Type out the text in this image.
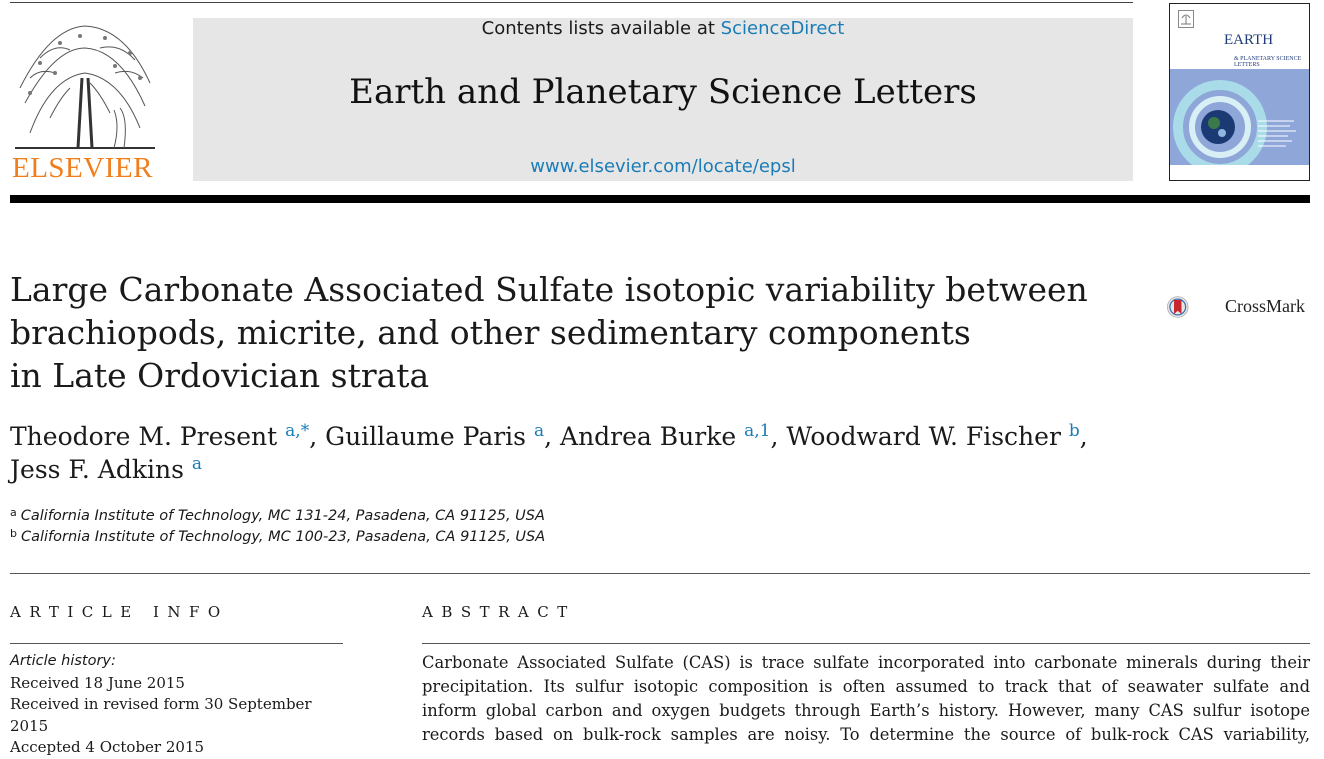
ELSEVIER
Contents lists available at ScienceDirect
Earth and Planetary Science Letters
www.elsevier.com/locate/epsl
EARTH
& PLANETARY SCIENCE LETTERS
Large Carbonate Associated Sulfate isotopic variability between
brachiopods, micrite, and other sedimentary components
in Late Ordovician strata
CrossMark
Theodore M. Present $^{a,*}$, Guillaume Paris $^a$, Andrea Burke $^{a,1}$, Woodward W. Fischer $^b$,
Jess F. Adkins $^a$
$^a$ California Institute of Technology, MC 131-24, Pasadena, CA 91125, USA
$^b$ California Institute of Technology, MC 100-23, Pasadena, CA 91125, USA
ARTICLE INFO
Article history:
Received 18 June 2015
Received in revised form 30 September
2015
Accepted 4 October 2015
ABSTRACT
Carbonate Associated Sulfate (CAS) is trace sulfate incorporated into carbonate minerals during their
precipitation. Its sulfur isotopic composition is often assumed to track that of seawater sulfate and
inform global carbon and oxygen budgets through Earth’s history. However, many CAS sulfur isotope
records based on bulk-rock samples are noisy. To determine the source of bulk-rock CAS variability,
